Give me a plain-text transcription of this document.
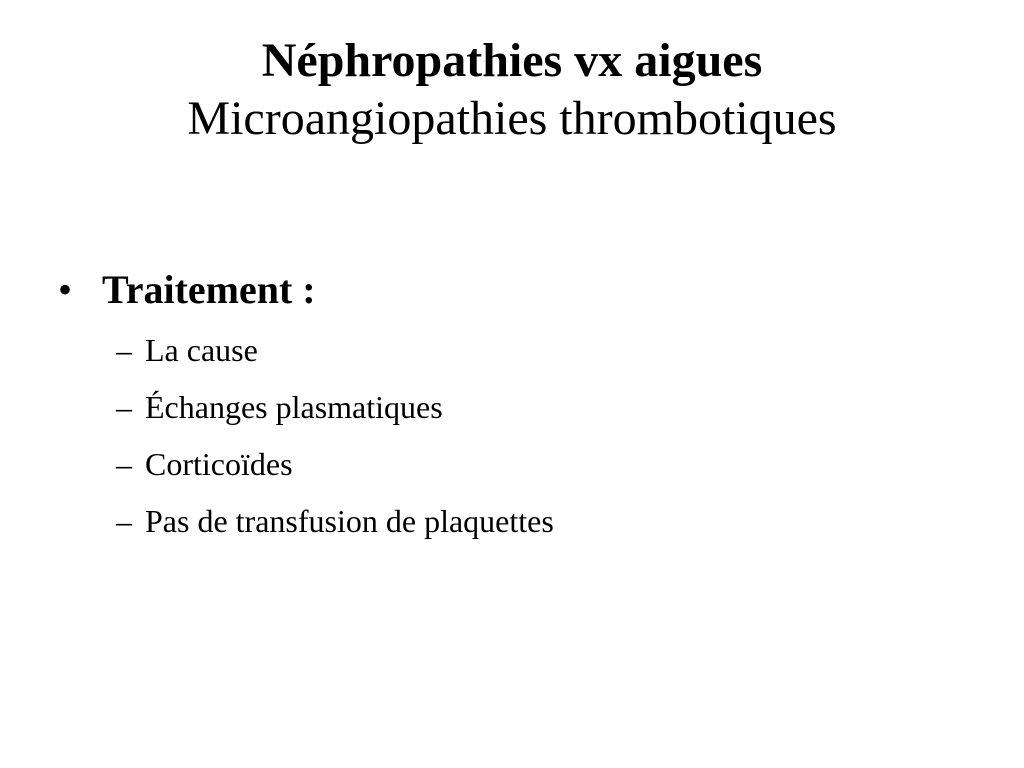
Néphropathies vx aigues
Microangiopathies thrombotiques
• Traitement :
– La cause
– Échanges plasmatiques
– Corticoïdes
– Pas de transfusion de plaquettes
